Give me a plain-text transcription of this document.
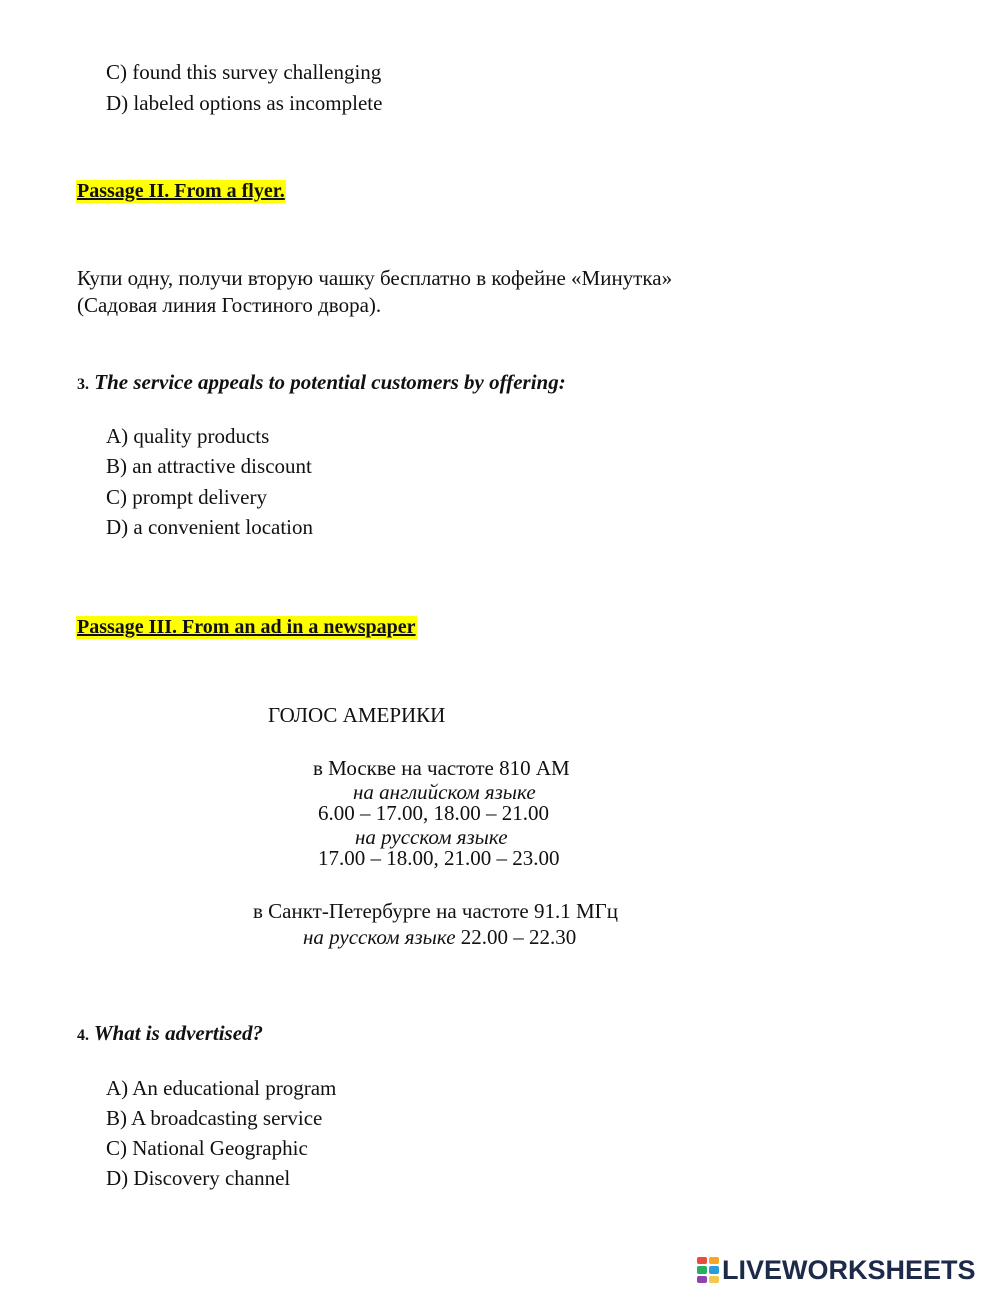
C) found this survey challenging
D) labeled options as incomplete
Passage II. From a flyer.
Купи одну, получи вторую чашку бесплатно в кофейне «Минутка»
(Садовая линия Гостиного двора).
3. The service appeals to potential customers by offering:
A) quality products
B) an attractive discount
C) prompt delivery
D) a convenient location
Passage III. From an ad in a newspaper
ГОЛОС АМЕРИКИ
в Москве на частоте 810 АМ
на английском языке
6.00 – 17.00, 18.00 – 21.00
на русском языке
17.00 – 18.00, 21.00 – 23.00
в Санкт-Петербурге на частоте 91.1 МГц
на русском языке 22.00 – 22.30
4. What is advertised?
A) An educational program
B) A broadcasting service
C) National Geographic
D) Discovery channel
LIVEWORKSHEETS
